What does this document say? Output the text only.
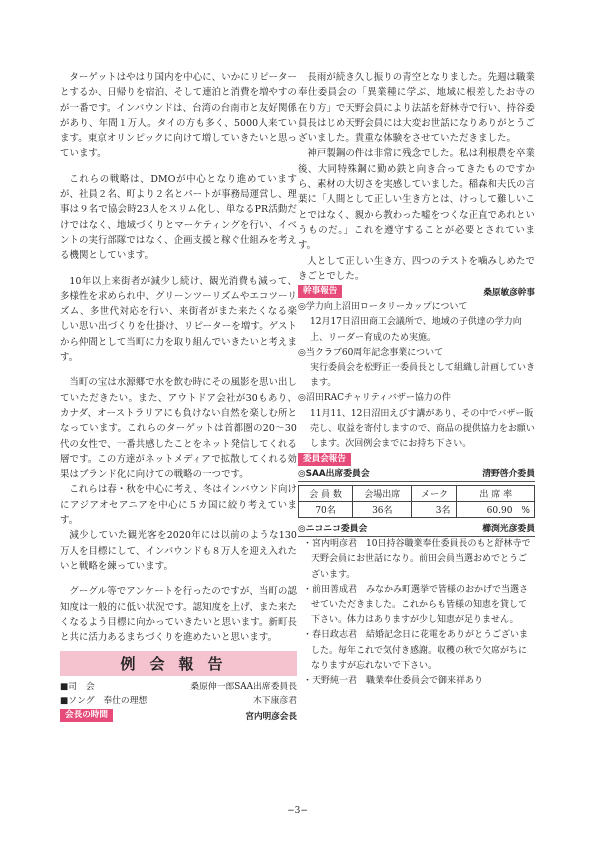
ターゲットはやはり国内を中心に、いかにリピーターとするか、日帰りを宿泊、そして連泊と消費を増やすのが一番です。インバウンドは、台湾の台南市と友好関係があり、年間１万人。タイの方も多く、5000人来ています。東京オリンピックに向けて増していきたいと思っています。

これらの戦略は、DMOが中心となり進めていますが、社員２名、町より２名とパートが事務局運営し、理事は９名で協会時23人をスリム化し、単なるPR活動だけではなく、地域づくりとマーケティングを行い、イベントの実行部隊ではなく、企画支援と稼ぐ仕組みを考える機関としています。

10年以上来街者が減少し続け、観光消費も減って、多様性を求められ中、グリーンツーリズムやエコツーリズム、多世代対応を行い、来街者がまた来たくなる楽しい思い出づくりを仕掛け、リピーターを増す。ゲストから仲間として当町に力を取り組んでいきたいと考えます。

当町の宝は水源郷で水を飲む時にその風影を思い出していただきたい。また、アウトドア会社が30もあり、カナダ、オーストラリアにも負けない自然を楽しむ所となっています。これらのターゲットは首都圏の20～30代の女性で、一番共感したことをネット発信してくれる層です。この方達がネットメディアで拡散してくれる効果はブランド化に向けての戦略の一つです。

これらは春・秋を中心に考え、冬はインバウンド向けにアジアオセアニアを中心に５カ国に絞り考えています。

減少していた観光客を2020年には以前のような130万人を目標にして、インバウンドも８万人を迎え入れたいと戦略を練っています。

グーグル等でアンケートを行ったのですが、当町の認知度は一般的に低い状況です。認知度を上げ、また来たくなるよう目標に向かっていきたいと思います。新町長と共に活力あるまちづくりを進めたいと思います。

例会報告
■司　会	桑原伸一郎SAA出席委員長
■ソング　奉仕の理想	木下康彦君
会長の時間	宮内明彦会長

長雨が続き久し振りの青空となりました。先週は職業奉仕委員会の「異業種に学ぶ、地域に根差したお寺の在り方」で天野会員により法話を舒林寺で行い、持谷委員長はじめ天野会員には大変お世話になりありがとうございました。貴重な体験をさせていただきました。

神戸製鋼の件は非常に残念でした。私は利根農を卒業後、大同特殊鋼に勤め鉄と向き合ってきたものですから、素材の大切さを実感していました。稲森和夫氏の言葉に「人間として正しい生き方とは、けっして難しいことではなく、親から教わった嘘をつくな正直であれというものだ。」これを遵守することが必要とされています。

人として正しい生き方、四つのテストを噛みしめたできごとでした。

幹事報告	桑原敏彦幹事
◎学力向上沼田ロータリーカップについて
12月17日沼田商工会議所で、地域の子供達の学力向上、リーダー育成のため実施。
◎当クラブ60周年記念事業について
実行委員会を松野正一委員長として組織し計画していきます。
◎沼田RACチャリティバザー協力の件
11月11、12日沼田えびす講があり、その中でバザー販売し、収益を寄付しますので、商品の提供協力をお願いします。次回例会までにお持ち下さい。
委員会報告
◎SAA出席委員会	清野啓介委員
会 員 数	会場出席	メーク	出 席 率
70名	36名	3名	60.90　%
◎ニコニコ委員会	櫛渕光彦委員

・宮内明彦君　10日持谷職業奉仕委員長のもと舒林寺で天野会員にお世話になり。前田会員当選おめでとうございます。

・前田善成君　みなかみ町選挙で皆様のおかげで当選させていただきました。これからも皆様の知恵を貸して下さい。体力はありますが少し知恵が足りません。

・春日政志君　結婚記念日に花電をありがとうございました。毎年これで気付き感謝。収穫の秋で欠席がちになりますが忘れないで下さい。

・天野純一君　職業奉仕委員会で御来祥あり

−3−
